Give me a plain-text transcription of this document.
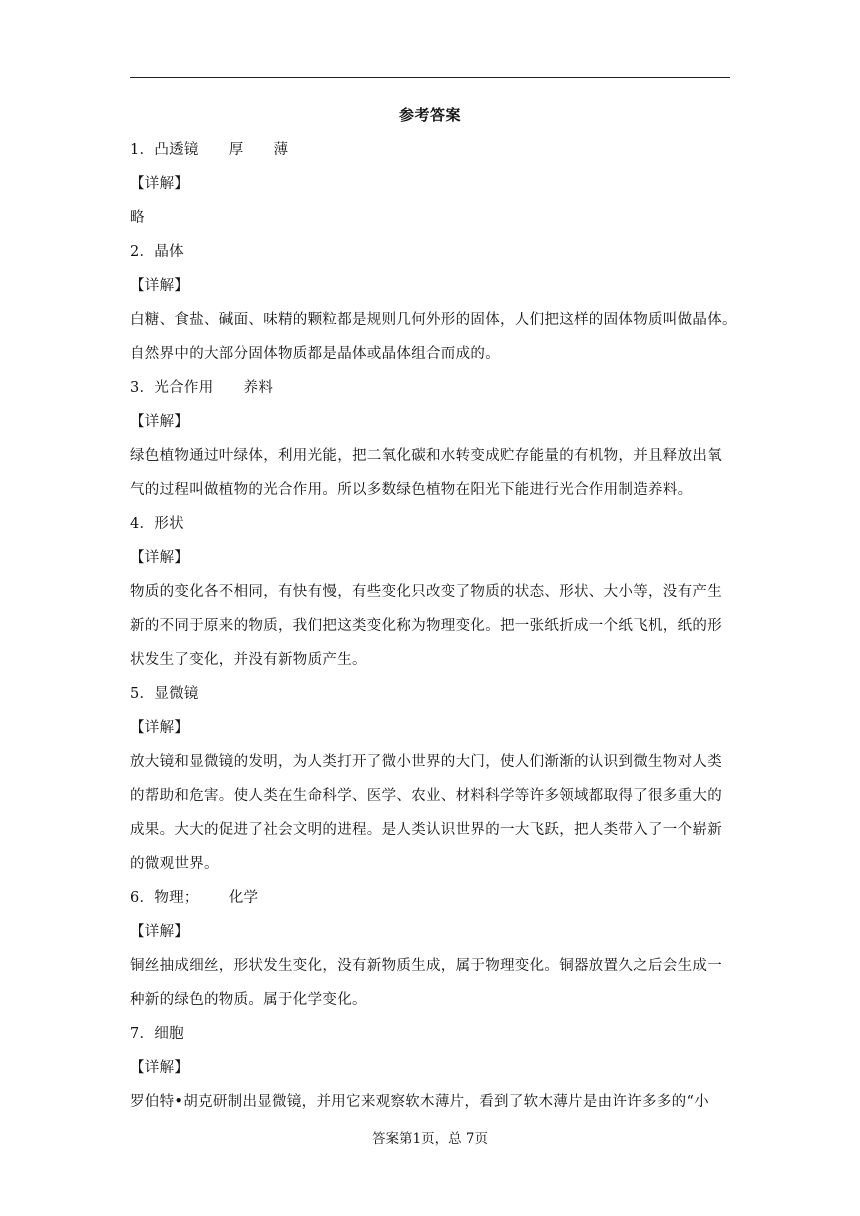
参考答案
1．凸透镜 厚 薄
【详解】
略
2．晶体
【详解】
白糖、食盐、碱面、味精的颗粒都是规则几何外形的固体，人们把这样的固体物质叫做晶体。
自然界中的大部分固体物质都是晶体或晶体组合而成的。
3．光合作用 养料
【详解】
绿色植物通过叶绿体，利用光能，把二氧化碳和水转变成贮存能量的有机物，并且释放出氧
气的过程叫做植物的光合作用。所以多数绿色植物在阳光下能进行光合作用制造养料。
4．形状
【详解】
物质的变化各不相同，有快有慢，有些变化只改变了物质的状态、形状、大小等，没有产生
新的不同于原来的物质，我们把这类变化称为物理变化。把一张纸折成一个纸飞机，纸的形
状发生了变化，并没有新物质产生。
5．显微镜
【详解】
放大镜和显微镜的发明，为人类打开了微小世界的大门，使人们渐渐的认识到微生物对人类
的帮助和危害。使人类在生命科学、医学、农业、材料科学等许多领域都取得了很多重大的
成果。大大的促进了社会文明的进程。是人类认识世界的一大飞跃，把人类带入了一个崭新
的微观世界。
6．物理； 化学
【详解】
铜丝抽成细丝，形状发生变化，没有新物质生成，属于物理变化。铜器放置久之后会生成一
种新的绿色的物质。属于化学变化。
7．细胞
【详解】
罗伯特•胡克研制出显微镜，并用它来观察软木薄片，看到了软木薄片是由许许多多的“小
答案第1页，总 7页
